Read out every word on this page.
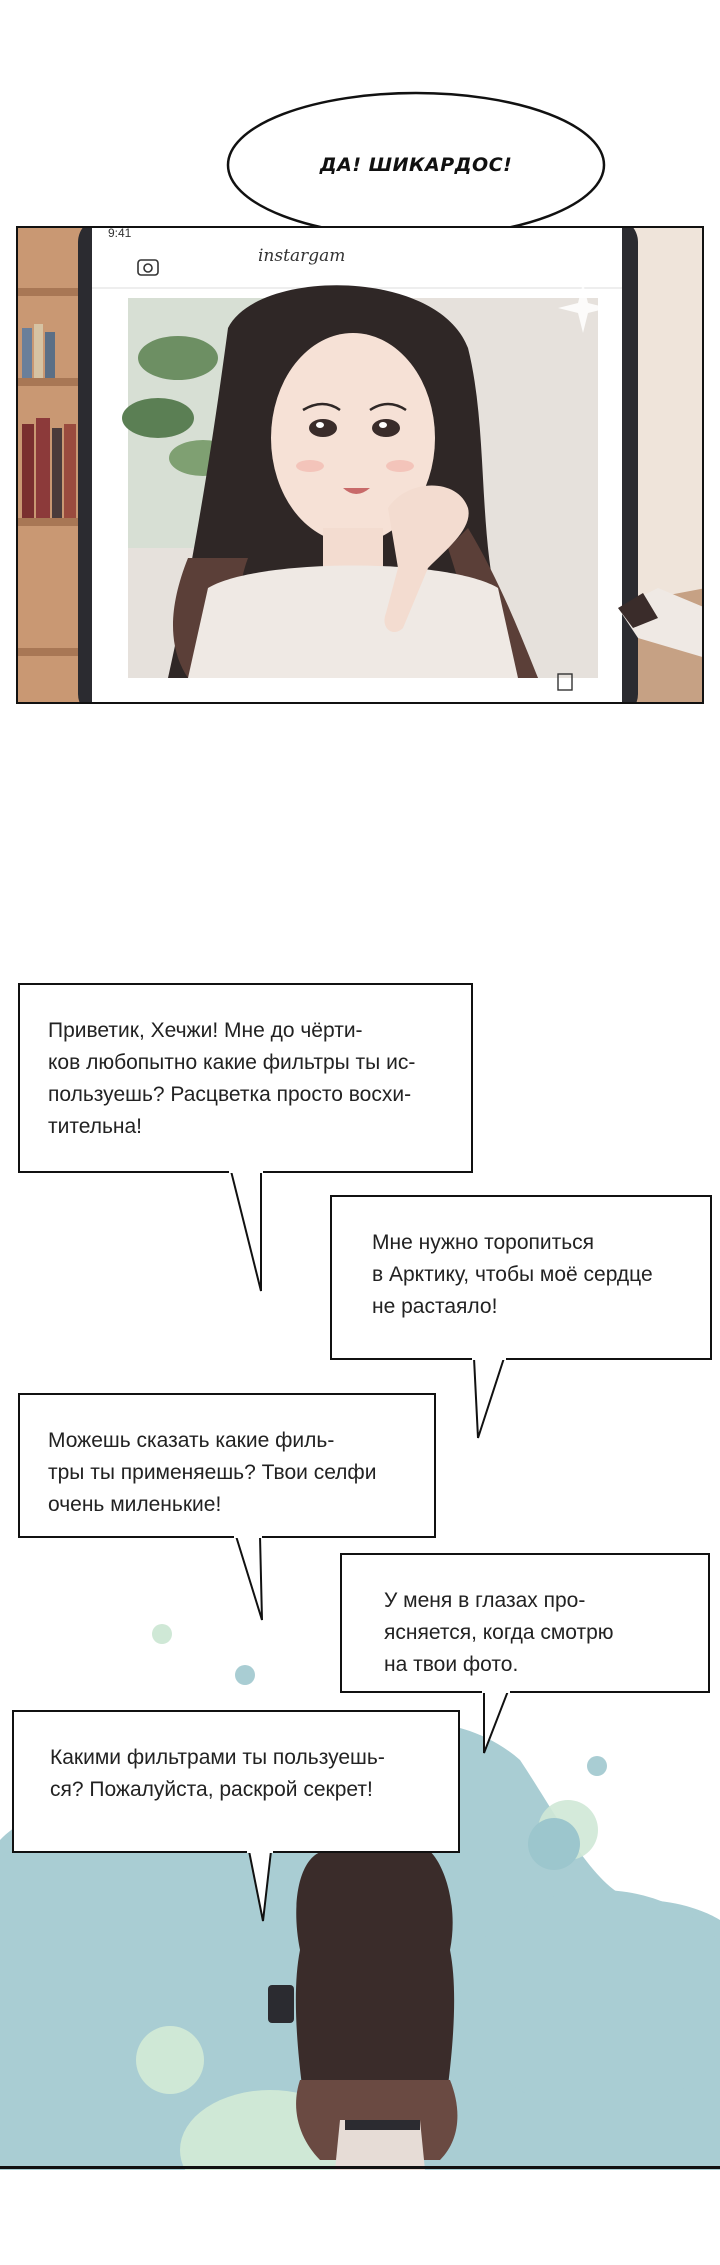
ДА! ШИКАРДОС!
9:41
instargam
Приветик, Хечжи! Мне до чёрти-
ков любопытно какие фильтры ты ис-
пользуешь? Расцветка просто восхи-
тительна!
Мне нужно торопиться
в Арктику, чтобы моё сердце
не растаяло!
Можешь сказать какие филь-
тры ты применяешь? Твои селфи
очень миленькие!
У меня в глазах про-
ясняется, когда смотрю
на твои фото.
Какими фильтрами ты пользуешь-
ся? Пожалуйста, раскрой секрет!
